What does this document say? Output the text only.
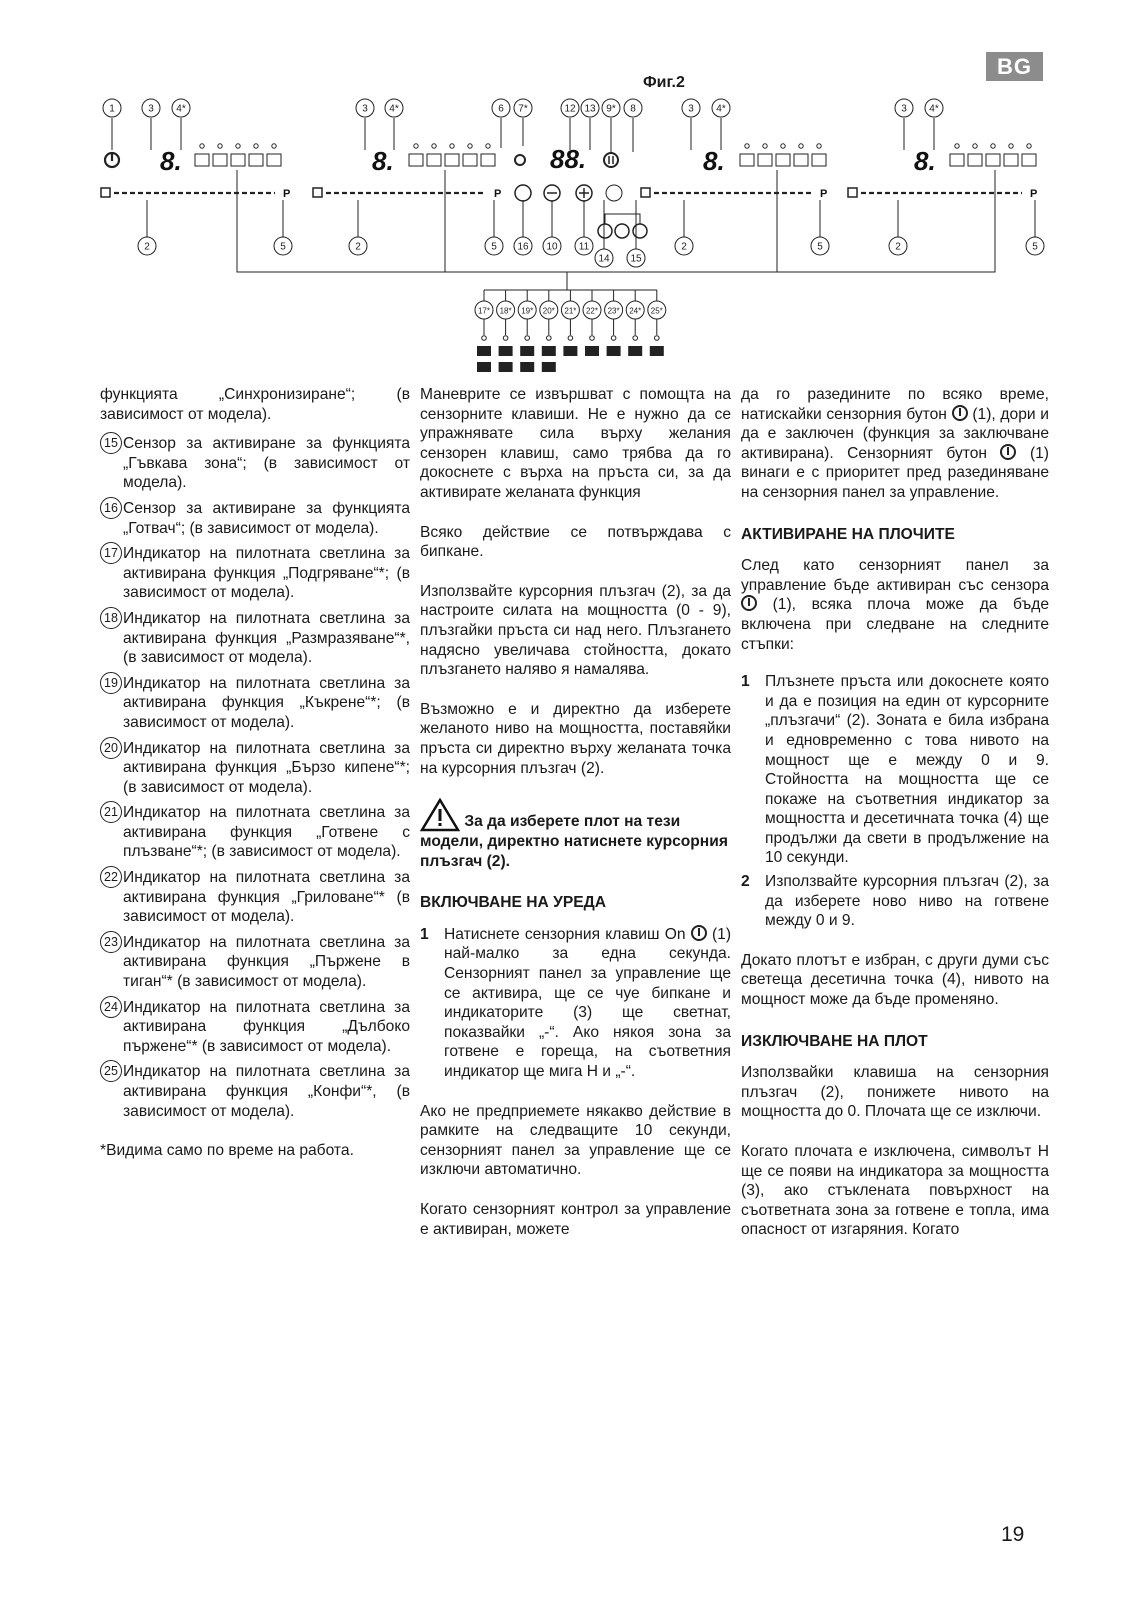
BG
Фиг.2
1	3 4*	3 4*	6 7*	12 13 9* 8	3 4*	3 4*
2	5	2	5 16 10 11
14 15
2	5	2	5
17* 18* 19* 20* 21* 22* 23* 24* 25*
8.	8.	8.	8.
88.
P	P	P	P

функцията „Синхронизиране“; (в зависимост от модела).

15 Сензор за активиране за функцията „Гъвкава зона“; (в зависимост от модела).
16 Сензор за активиране за функцията „Готвач“; (в зависимост от модела).
17 Индикатор на пилотната светлина за активирана функция „Подгряване“*; (в зависимост от модела).
18 Индикатор на пилотната светлина за активирана функция „Размразяване“*, (в зависимост от модела).
19 Индикатор на пилотната светлина за активирана функция „Къкрене“*; (в зависимост от модела).
20 Индикатор на пилотната светлина за активирана функция „Бързо кипене“*; (в зависимост от модела).
21 Индикатор на пилотната светлина за активирана функция „Готвене с плъзване“*; (в зависимост от модела).
22 Индикатор на пилотната светлина за активирана функция „Гриловане“* (в зависимост от модела).
23 Индикатор на пилотната светлина за активирана функция „Пържене в тиган“* (в зависимост от модела).
24 Индикатор на пилотната светлина за активирана функция „Дълбоко пържене“* (в зависимост от модела).
25 Индикатор на пилотната светлина за активирана функция „Конфи“*, (в зависимост от модела).

*Видима само по време на работа.

Маневрите се извършват с помощта на сензорните клавиши. Не е нужно да се упражнявате сила върху желания сензорен клавиш, само трябва да го докоснете с върха на пръста си, за да активирате желаната функция

Всяко действие се потвърждава с бипкане.

Използвайте курсорния плъзгач (2), за да настроите силата на мощността (0 - 9), плъзгайки пръста си над него. Плъзгането надясно увеличава стойността, докато плъзгането наляво я намалява.

Възможно е и директно да изберете желаното ниво на мощността, поставяйки пръста си директно върху желаната точка на курсорния плъзгач (2).

За да изберете плот на тези модели, директно натиснете курсорния плъзгач (2).
ВКЛЮЧВАНЕ НА УРЕДА
1 Натиснете сензорния клавиш On (1) най-малко за една секунда. Сензорният панел за управление ще се активира, ще се чуе бипкане и индикаторите (3) ще светнат, показвайки „-“. Ако някоя зона за готвене е гореща, на съответния индикатор ще мига H и „-“.

Ако не предприемете някакво действие в рамките на следващите 10 секунди, сензорният панел за управление ще се изключи автоматично.

Когато сензорният контрол за управление е активиран, можете

да го разедините по всяко време, натискайки сензорния бутон (1), дори и да е заключен (функция за заключване активирана). Сензорният бутон	(1) винаги е с приоритет пред разединяване на сензорния панел за управление.

АКТИВИРАНЕ НА ПЛОЧИТЕ

След като сензорният панел за управление бъде активиран със сензора  (1), всяка плоча може да бъде включена при следване на следните стъпки:

1 Плъзнете пръста или докоснете която и да е позиция на един от курсорните „плъзгачи“ (2). Зоната е била избрана и едновременно с това нивото на мощност ще е между 0 и 9. Стойността на мощността ще се покаже на съответния индикатор за мощността и десетичната точка (4) ще продължи да свети в продължение на 10 секунди.
2 Използвайте курсорния плъзгач (2), за да изберете ново ниво на готвене между 0 и 9.

Докато плотът е избран, с други думи със светеща десетична точка (4), нивото на мощност може да бъде променяно.

ИЗКЛЮЧВАНЕ НА ПЛОТ

Използвайки клавиша на сензорния плъзгач (2), понижете нивото на мощността до 0. Плочата ще се изключи.

Когато плочата е изключена, символът H ще се появи на индикатора за мощността (3), ако стъклената повърхност на съответната зона за готвене е топла, има опасност от изгаряния. Когато

19
